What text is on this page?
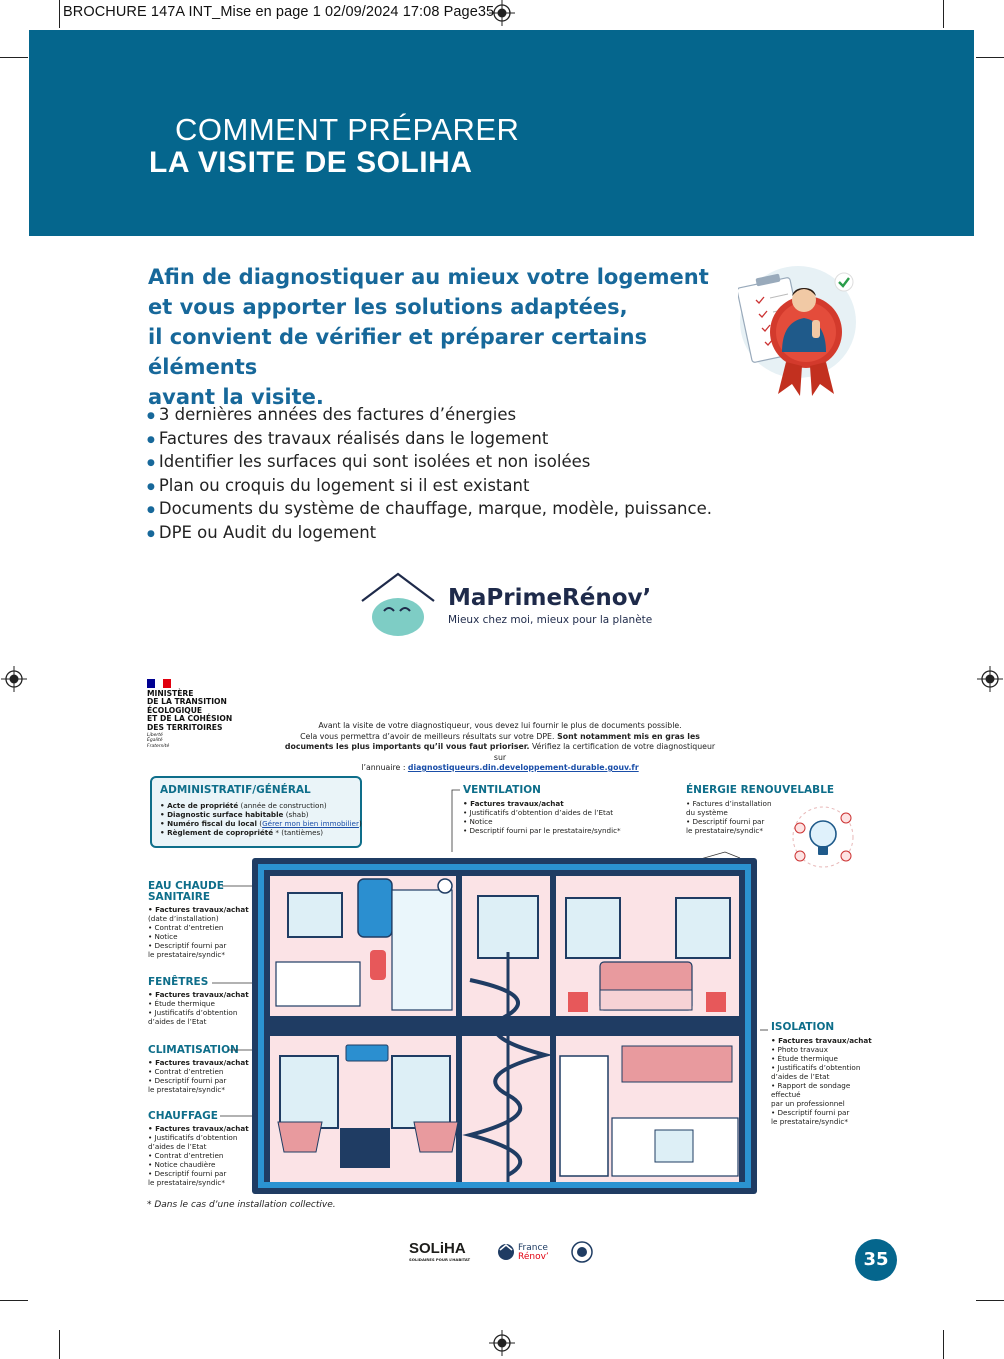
BROCHURE 147A INT_Mise en page 1 02/09/2024 17:08 Page35
COMMENT PRÉPARER
LA VISITE DE SOLIHA
Afin de diagnostiquer au mieux votre logement
et vous apporter les solutions adaptées,
il convient de vérifier et préparer certains éléments
avant la visite.
● 3 dernières années des factures d’énergies
● Factures des travaux réalisés dans le logement
● Identifier les surfaces qui sont isolées et non isolées
● Plan ou croquis du logement si il est existant
● Documents du système de chauffage, marque, modèle, puissance.
● DPE ou Audit du logement
MaPrimeRénov’
Mieux chez moi, mieux pour la planète
MINISTÈRE
DE LA TRANSITION
ÉCOLOGIQUE
ET DE LA COHÉSION
DES TERRITOIRES
Liberté
Égalité
Fraternité
Avant la visite de votre diagnostiqueur, vous devez lui fournir le plus de documents possible.
Cela vous permettra d’avoir de meilleurs résultats sur votre DPE. Sont notamment mis en gras les
documents les plus importants qu’il vous faut prioriser. Vérifiez la certification de votre diagnostiqueur sur
l’annuaire : diagnostiqueurs.din.developpement-durable.gouv.fr
ADMINISTRATIF/GÉNÉRAL
• Acte de propriété (année de construction)
• Diagnostic surface habitable (shab)
• Numéro fiscal du local (Gérer mon bien immobilier)
• Règlement de copropriété * (tantièmes)
VENTILATION
• Factures travaux/achat
• Justificatifs d’obtention d’aides de l’Etat
• Notice
• Descriptif fourni par le prestataire/syndic*
ÉNERGIE RENOUVELABLE
• Factures d’installation
du système
• Descriptif fourni par
le prestataire/syndic*
EAU CHAUDE
SANITAIRE
• Factures travaux/achat
(date d’installation)
• Contrat d’entretien
• Notice
• Descriptif fourni par
le prestataire/syndic*
FENÊTRES
• Factures travaux/achat
• Étude thermique
• Justificatifs d’obtention
d’aides de l’Etat
CLIMATISATION
• Factures travaux/achat
• Contrat d’entretien
• Descriptif fourni par
le prestataire/syndic*
CHAUFFAGE
• Factures travaux/achat
• Justificatifs d’obtention
d’aides de l’Etat
• Contrat d’entretien
• Notice chaudière
• Descriptif fourni par
le prestataire/syndic*
ISOLATION
• Factures travaux/achat
• Photo travaux
• Étude thermique
• Justificatifs d’obtention
d’aides de l’Etat
• Rapport de sondage
effectué
par un professionnel
• Descriptif fourni par
le prestataire/syndic*
* Dans le cas d’une installation collective.
SOLiHA
SOLIDAIRES POUR L’HABITAT
France
Rénov’	35
